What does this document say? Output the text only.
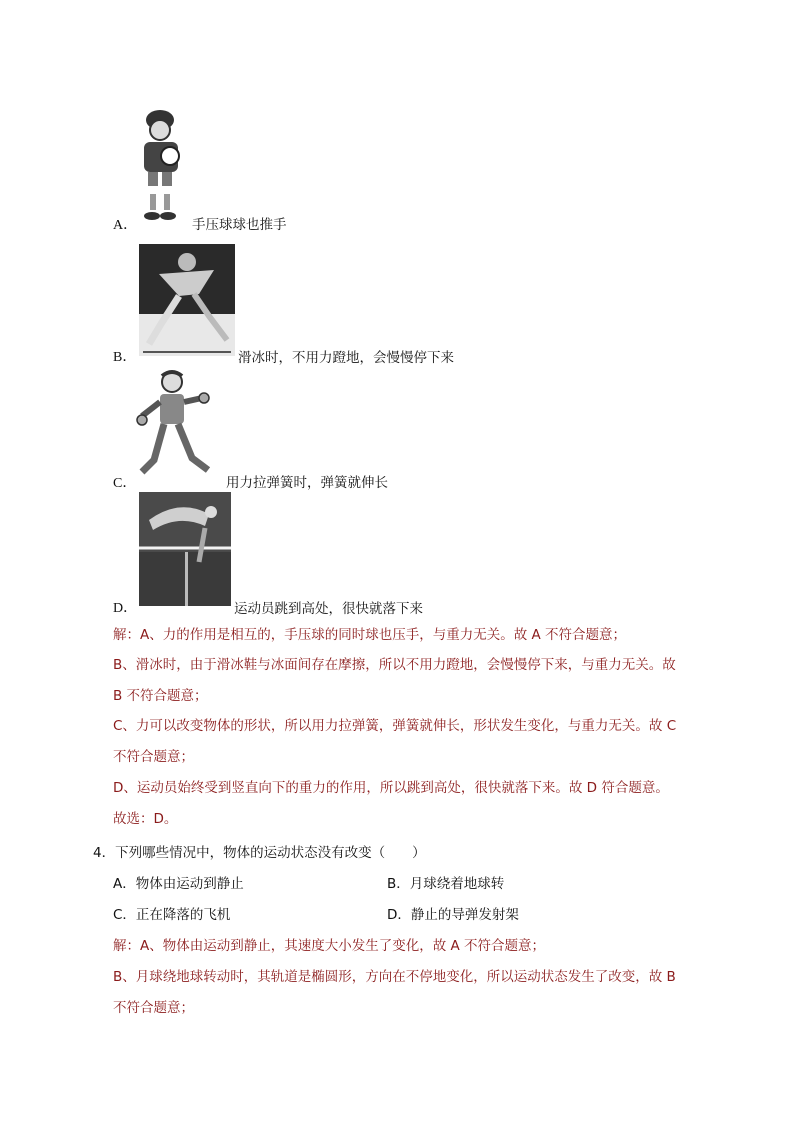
A．	手压球球也推手
B．	滑冰时，不用力蹬地，会慢慢停下来
C．	用力拉弹簧时，弹簧就伸长
D．	运动员跳到高处，很快就落下来
解：A、力的作用是相互的，手压球的同时球也压手，与重力无关。故 A 不符合题意；
B、滑冰时，由于滑冰鞋与冰面间存在摩擦，所以不用力蹬地，会慢慢停下来，与重力无关。故
B 不符合题意；
C、力可以改变物体的形状，所以用力拉弹簧，弹簧就伸长，形状发生变化，与重力无关。故 C
不符合题意；
D、运动员始终受到竖直向下的重力的作用，所以跳到高处，很快就落下来。故 D 符合题意。
故选：D。
4．下列哪些情况中，物体的运动状态没有改变（　　）
A．物体由运动到静止	B．月球绕着地球转
C．正在降落的飞机	D．静止的导弹发射架
解：A、物体由运动到静止，其速度大小发生了变化，故 A 不符合题意；
B、月球绕地球转动时，其轨道是椭圆形，方向在不停地变化，所以运动状态发生了改变，故 B
不符合题意；
